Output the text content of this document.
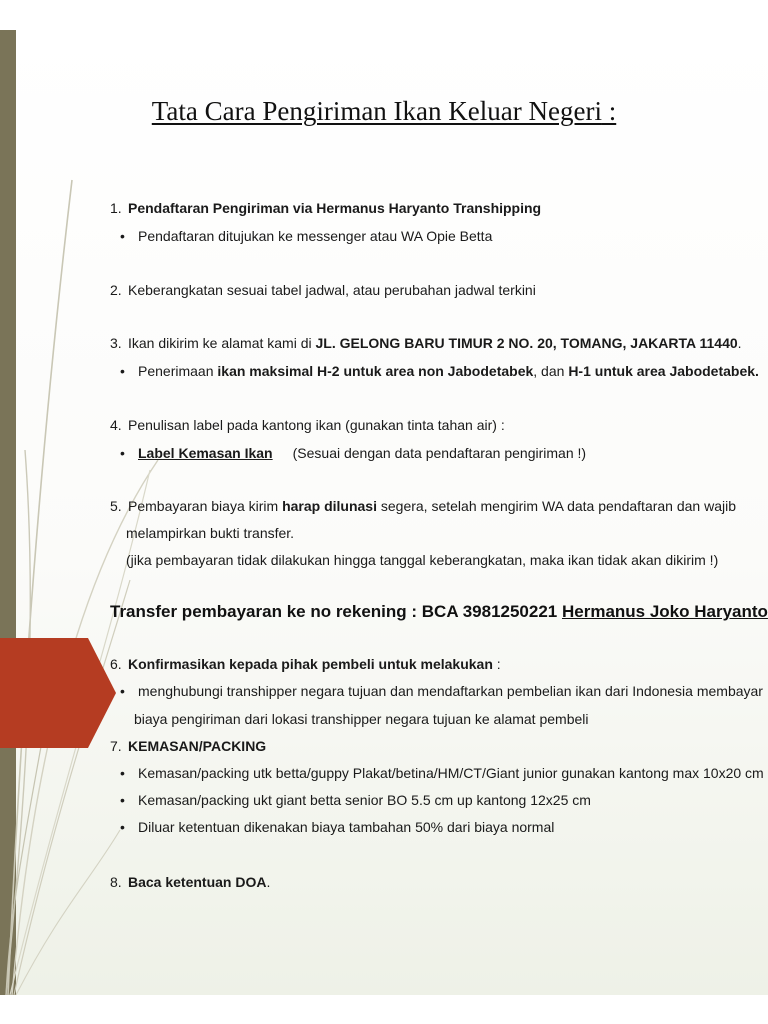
Tata Cara Pengiriman Ikan Keluar Negeri :
1. Pendaftaran Pengiriman via Hermanus Haryanto Transhipping
• Pendaftaran ditujukan ke messenger atau WA Opie Betta
2. Keberangkatan sesuai tabel jadwal, atau perubahan jadwal terkini
3. Ikan dikirim ke alamat kami di JL. GELONG BARU TIMUR 2 NO. 20, TOMANG, JAKARTA 11440.
• Penerimaan ikan maksimal H-2 untuk area non Jabodetabek, dan H-1 untuk area Jabodetabek.
4. Penulisan label pada kantong ikan (gunakan tinta tahan air) :
• Label Kemasan Ikan (Sesuai dengan data pendaftaran pengiriman !)
5. Pembayaran biaya kirim harap dilunasi segera, setelah mengirim WA data pendaftaran dan wajib
melampirkan bukti transfer.
(jika pembayaran tidak dilakukan hingga tanggal keberangkatan, maka ikan tidak akan dikirim !)
Transfer pembayaran ke no rekening : BCA 3981250221 Hermanus Joko Haryanto
6. Konfirmasikan kepada pihak pembeli untuk melakukan :
• menghubungi transhipper negara tujuan dan mendaftarkan pembelian ikan dari Indonesia membayar
biaya pengiriman dari lokasi transhipper negara tujuan ke alamat pembeli
7. KEMASAN/PACKING
• Kemasan/packing utk betta/guppy Plakat/betina/HM/CT/Giant junior gunakan kantong max 10x20 cm
• Kemasan/packing ukt giant betta senior BO 5.5 cm up kantong 12x25 cm
• Diluar ketentuan dikenakan biaya tambahan 50% dari biaya normal
8. Baca ketentuan DOA.
